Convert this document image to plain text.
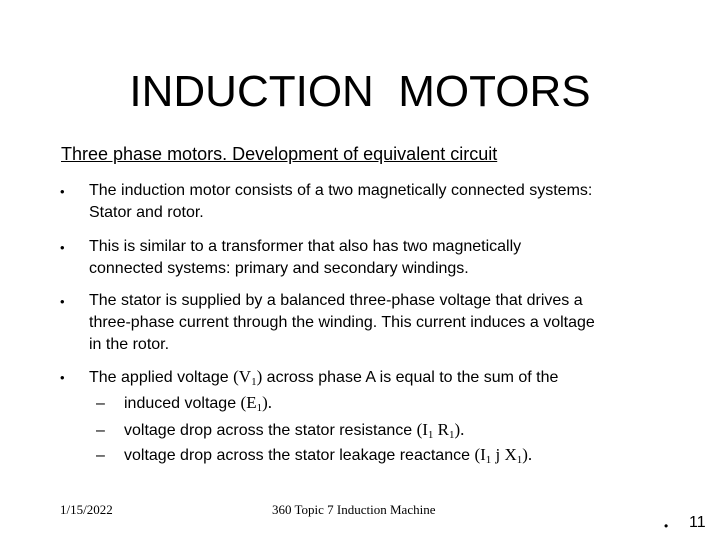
INDUCTION  MOTORS
Three phase motors. Development of equivalent circuit
• The induction motor consists of a two magnetically connected systems:
Stator and rotor.
• This is similar to a transformer that also has two magnetically
connected systems: primary and secondary windings.
• The stator is supplied by a balanced three-phase voltage that drives a
three-phase current through the winding. This current induces a voltage
in the rotor.
• The applied voltage $(V_1)$ across phase A is equal to the sum of the
– induced voltage $(E_1)$.
– voltage drop across the stator resistance ($I_1$ $R_1$).
– voltage drop across the stator leakage reactance ($I_1$ j $X_1$).
1/15/2022	360 Topic 7 Induction Machine
• 11
